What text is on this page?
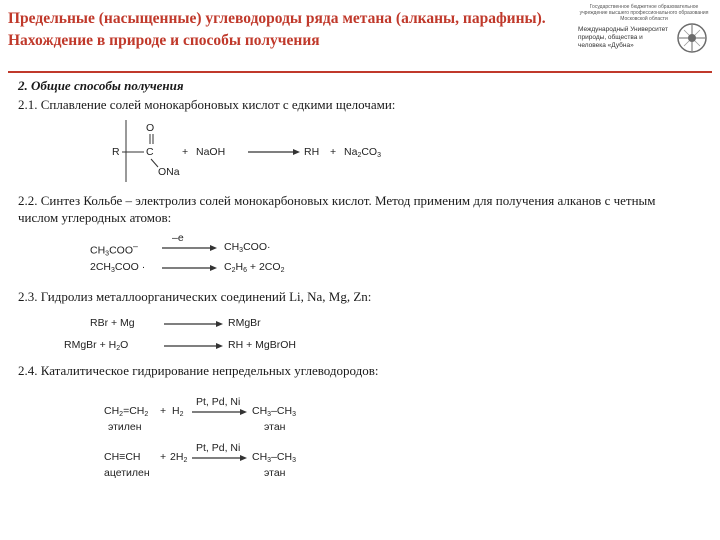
Предельные (насыщенные) углеводороды ряда метана (алканы, парафины). Нахождение в природе и способы получения

Государственное бюджетное образовательное учреждение высшего профессионального образования Московской области
Международный Университет природы, общества и человека «Дубна»

2. Общие способы получения

2.1. Сплавление солей монокарбоновых кислот с едкими щелочами:

O
R	C
ONa
+ NaOH	RH + $Na_2CO_3$

2.2. Синтез Кольбе – электролиз солей монокарбоновых кислот. Метод применим для получения алканов с четным числом углеродных атомов:

$CH_3COO^-$
–e
$CH_3COO\cdot$
$2CH_3COO$ ·	$C_2H_6 + 2CO_2$

2.3. Гидролиз металлоорганических соединений Li, Na, Mg, Zn:

RBr + Mg	RMgBr
RMgBr + $H_2O$	RH + MgBrOH

2.4. Каталитическое гидрирование непредельных углеводородов:

$CH_2=CH_2 + H_2$
Pt, Pd, Ni
$CH_3-CH_3$
этилен	этан
$CH\equiv CH + 2H_2$
Pt, Pd, Ni
$CH_3-CH_3$
ацетилен	этан
